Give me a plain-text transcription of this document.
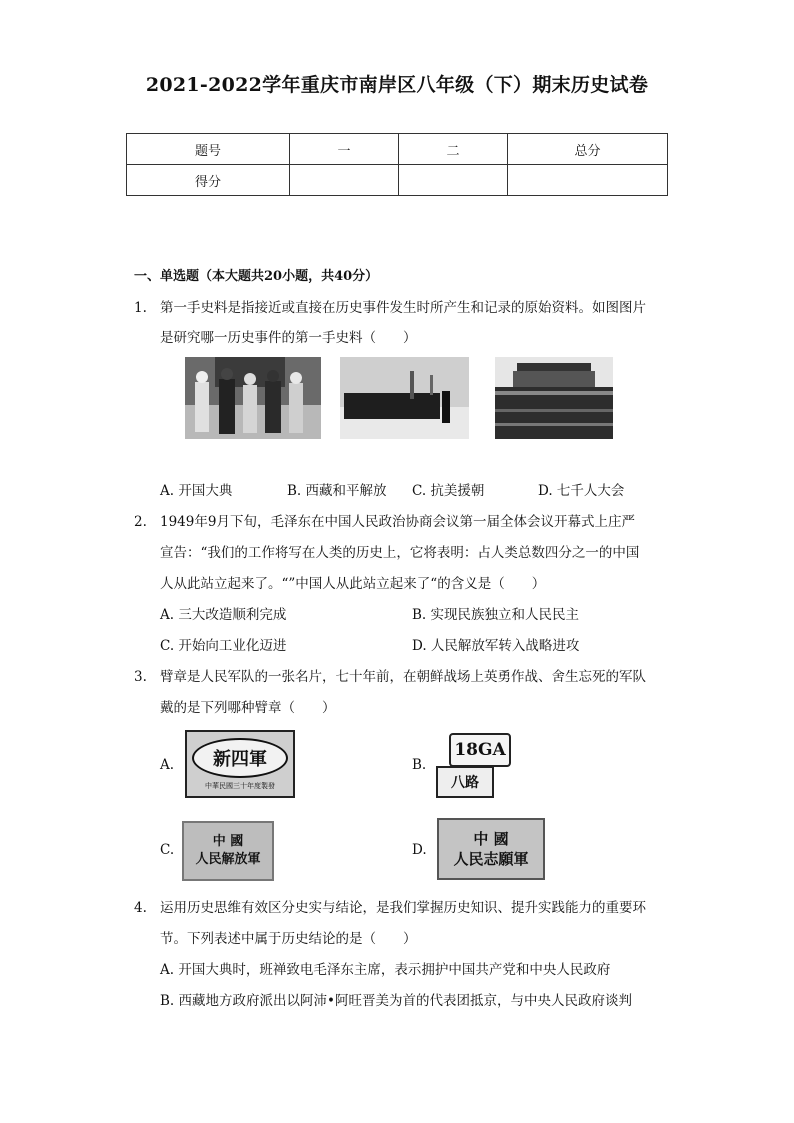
2021-2022学年重庆市南岸区八年级（下）期末历史试卷
题号	一	二	总分
得分			
一、单选题（本大题共20小题，共40分）
1. 第一手史料是指接近或直接在历史事件发生时所产生和记录的原始资料。如图图片
是研究哪一历史事件的第一手史料（　　）
A. 开国大典	B. 西藏和平解放 C. 抗美援朝	D. 七千人大会
2. 1949年9月下旬，毛泽东在中国人民政治协商会议第一届全体会议开幕式上庄严
宣告：“我们的工作将写在人类的历史上，它将表明：占人类总数四分之一的中国
人从此站立起来了。“”中国人从此站立起来了“的含义是（　　）
A. 三大改造顺利完成	B. 实现民族独立和人民民主
C. 开始向工业化迈进	D. 人民解放军转入战略进攻
3. 臂章是人民军队的一张名片，七十年前，在朝鲜战场上英勇作战、舍生忘死的军队
戴的是下列哪种臂章（　　）
A.	新四軍
中華民國三十年度製發
B.
18GA
八路
C.
中 國
人民解放軍
D.
中 國
人民志願軍
4. 运用历史思维有效区分史实与结论，是我们掌握历史知识、提升实践能力的重要环
节。下列表述中属于历史结论的是（　　）
A. 开国大典时，班禅致电毛泽东主席，表示拥护中国共产党和中央人民政府
B. 西藏地方政府派出以阿沛•阿旺晋美为首的代表团抵京，与中央人民政府谈判
